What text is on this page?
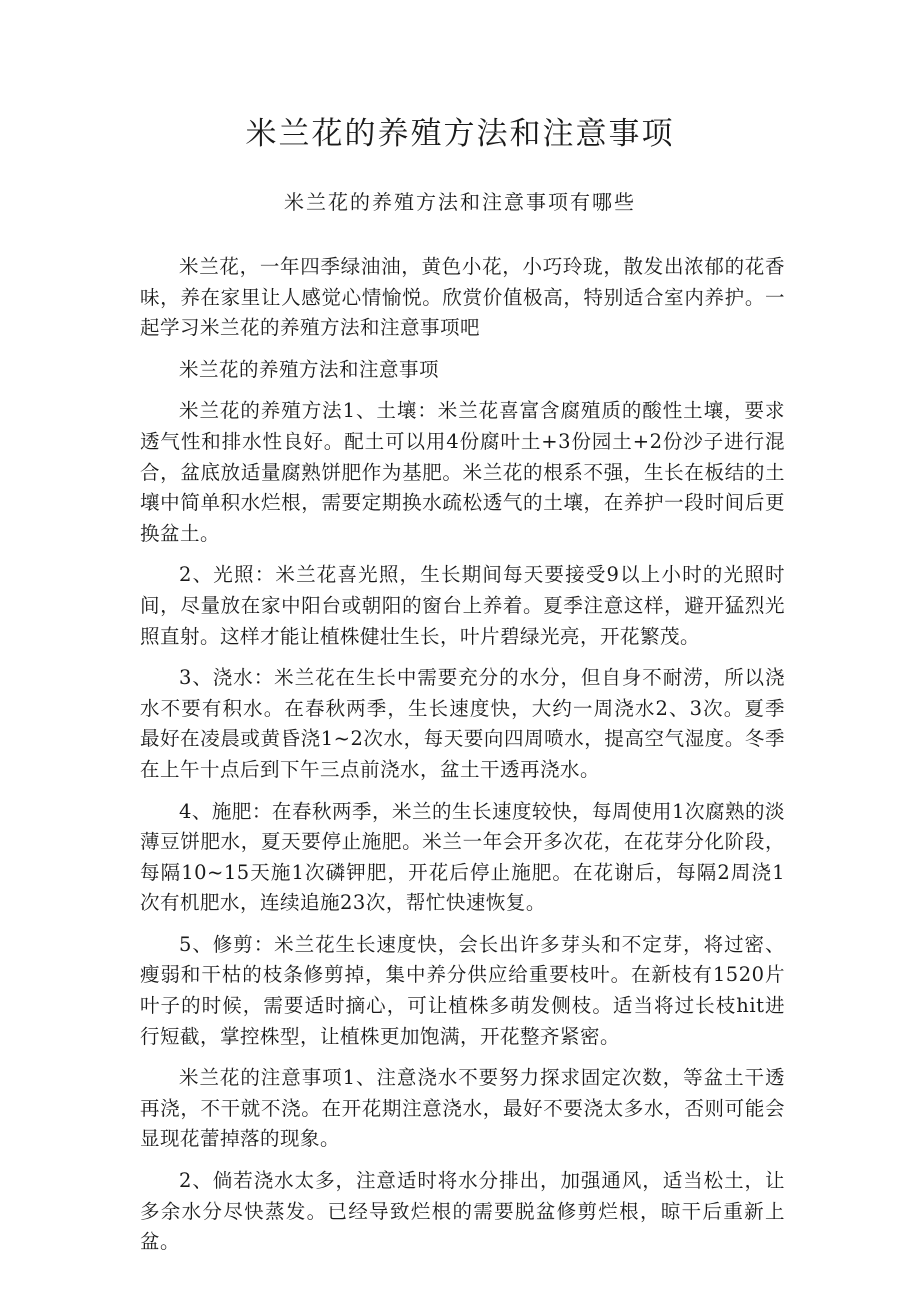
米兰花的养殖方法和注意事项
米兰花的养殖方法和注意事项有哪些

米兰花，一年四季绿油油，黄色小花，小巧玲珑，散发出浓郁的花香味，养在家里让人感觉心情愉悦。欣赏价值极高，特别适合室内养护。一起学习米兰花的养殖方法和注意事项吧

米兰花的养殖方法和注意事项

米兰花的养殖方法1、土壤：米兰花喜富含腐殖质的酸性土壤，要求透气性和排水性良好。配土可以用4份腐叶土+3份园土+2份沙子进行混合，盆底放适量腐熟饼肥作为基肥。米兰花的根系不强，生长在板结的土壤中简单积水烂根，需要定期换水疏松透气的土壤，在养护一段时间后更换盆土。

2、光照：米兰花喜光照，生长期间每天要接受9以上小时的光照时间，尽量放在家中阳台或朝阳的窗台上养着。夏季注意这样，避开猛烈光照直射。这样才能让植株健壮生长，叶片碧绿光亮，开花繁茂。

3、浇水：米兰花在生长中需要充分的水分，但自身不耐涝，所以浇水不要有积水。在春秋两季，生长速度快，大约一周浇水2、3次。夏季最好在凌晨或黄昏浇1~2次水，每天要向四周喷水，提高空气湿度。冬季在上午十点后到下午三点前浇水，盆土干透再浇水。

4、施肥：在春秋两季，米兰的生长速度较快，每周使用1次腐熟的淡薄豆饼肥水，夏天要停止施肥。米兰一年会开多次花，在花芽分化阶段，每隔10~15天施1次磷钾肥，开花后停止施肥。在花谢后，每隔2周浇1次有机肥水，连续追施23次，帮忙快速恢复。

5、修剪：米兰花生长速度快，会长出许多芽头和不定芽，将过密、瘦弱和干枯的枝条修剪掉，集中养分供应给重要枝叶。在新枝有1520片叶子的时候，需要适时摘心，可让植株多萌发侧枝。适当将过长枝hit进行短截，掌控株型，让植株更加饱满，开花整齐紧密。

米兰花的注意事项1、注意浇水不要努力探求固定次数，等盆土干透再浇，不干就不浇。在开花期注意浇水，最好不要浇太多水，否则可能会显现花蕾掉落的现象。

2、倘若浇水太多，注意适时将水分排出，加强通风，适当松土，让多余水分尽快蒸发。已经导致烂根的需要脱盆修剪烂根，晾干后重新上盆。
